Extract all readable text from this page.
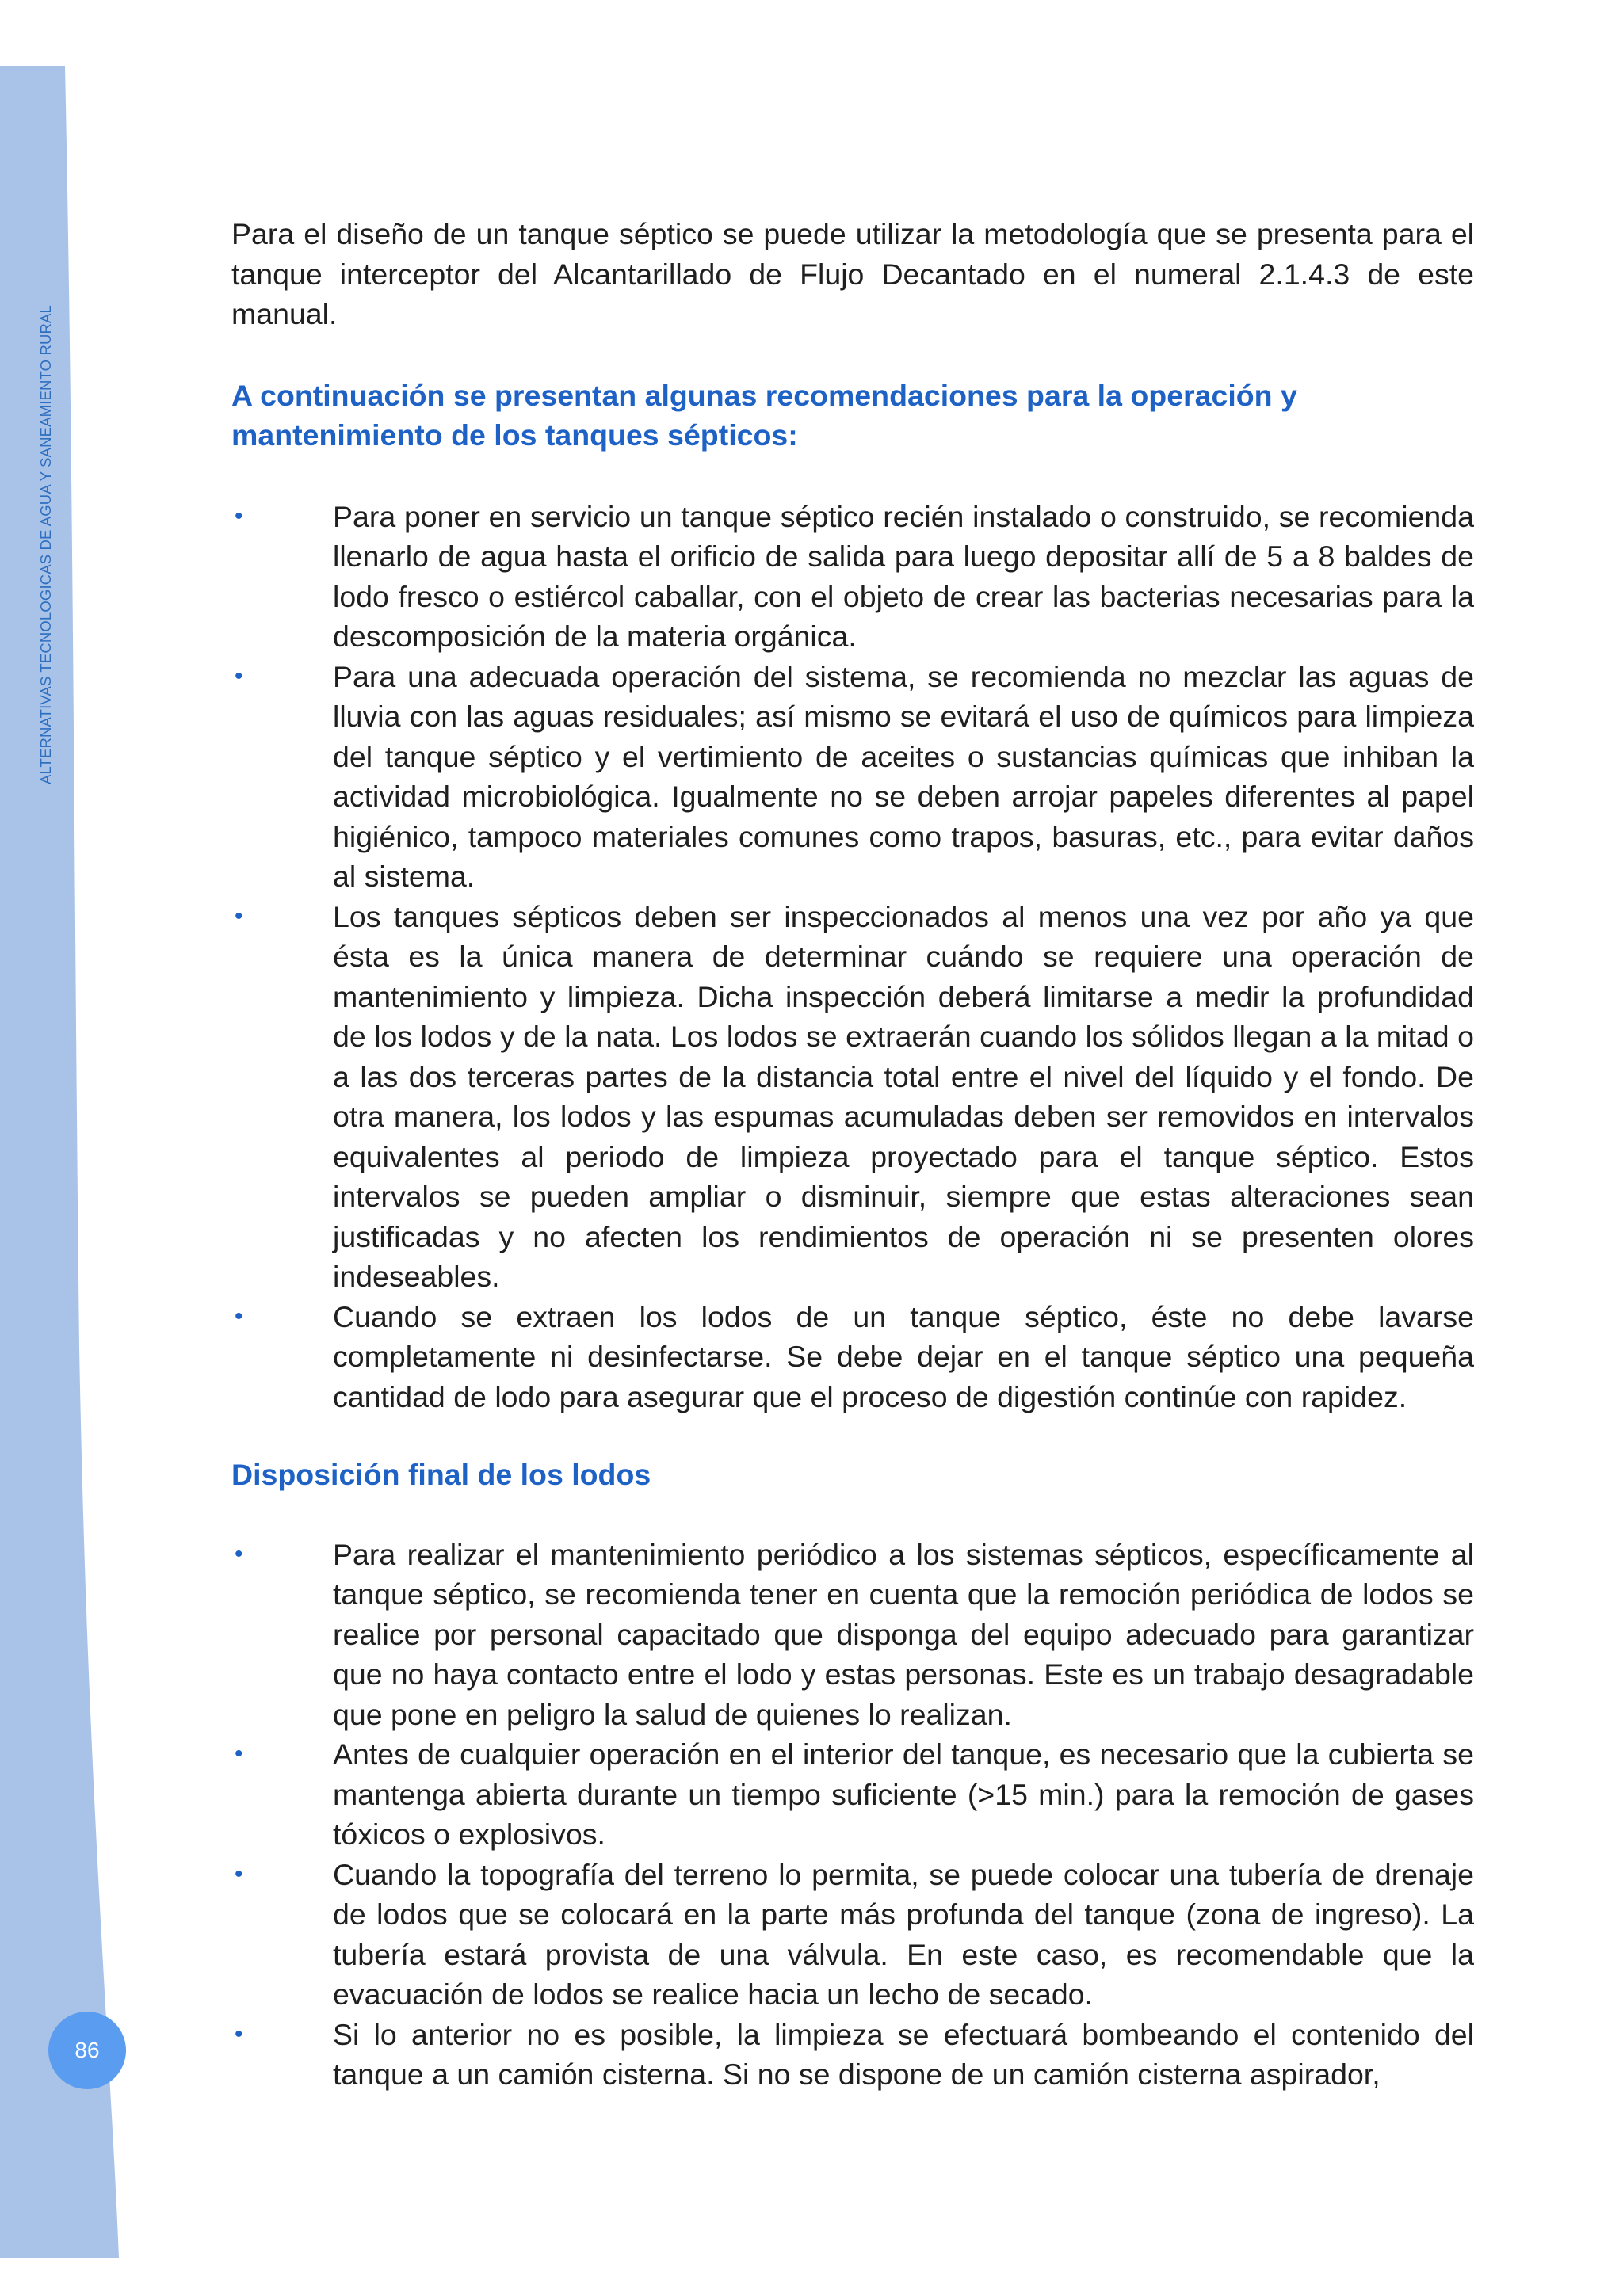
ALTERNATIVAS TECNOLOGICAS DE AGUA Y SANEAMIENTO RURAL
86

Para el diseño de un tanque séptico se puede utilizar la metodología que se presenta para el tanque interceptor del Alcantarillado de Flujo Decantado en el numeral 2.1.4.3 de este manual.

A continuación se presentan algunas recomendaciones para la operación y mantenimiento de los tanques sépticos:

•	Para poner en servicio un tanque séptico recién instalado o construido, se recomienda llenarlo de agua hasta el orificio de salida para luego depositar allí de 5 a 8 baldes de lodo fresco o estiércol caballar, con el objeto de crear las bacterias necesarias para la descomposición de la materia orgánica.
•	Para una adecuada operación del sistema, se recomienda no mezclar las aguas de lluvia con las aguas residuales; así mismo se evitará el uso de químicos para limpieza del tanque séptico y el vertimiento de aceites o sustancias químicas que inhiban la actividad microbiológica. Igualmente no se deben arrojar papeles diferentes al papel higiénico, tampoco materiales comunes como trapos, basuras, etc., para evitar daños al sistema.
•	Los tanques sépticos deben ser inspeccionados al menos una vez por año ya que ésta es la única manera de determinar cuándo se requiere una operación de mantenimiento y limpieza. Dicha inspección deberá limitarse a medir la profundidad de los lodos y de la nata. Los lodos se extraerán cuando los sólidos llegan a la mitad o a las dos terceras partes de la distancia total entre el nivel del líquido y el fondo. De otra manera, los lodos y las espumas acumuladas deben ser removidos en intervalos equivalentes al periodo de limpieza proyectado para el tanque séptico. Estos intervalos se pueden ampliar o disminuir, siempre que estas alteraciones sean justificadas y no afecten los rendimientos de operación ni se presenten olores indeseables.
•	Cuando se extraen los lodos de un tanque séptico, éste no debe lavarse completamente ni desinfectarse. Se debe dejar en el tanque séptico una pequeña cantidad de lodo para asegurar que el proceso de digestión continúe con rapidez.

Disposición final de los lodos

•	Para realizar el mantenimiento periódico a los sistemas sépticos, específicamente al tanque séptico, se recomienda tener en cuenta que la remoción periódica de lodos se realice por personal capacitado que disponga del equipo adecuado para garantizar que no haya contacto entre el lodo y estas personas. Este es un trabajo desagradable que pone en peligro la salud de quienes lo realizan.
•	Antes de cualquier operación en el interior del tanque, es necesario que la cubierta se mantenga abierta durante un tiempo suficiente (>15 min.) para la remoción de gases tóxicos o explosivos.
•	Cuando la topografía del terreno lo permita, se puede colocar una tubería de drenaje de lodos que se colocará en la parte más profunda del tanque (zona de ingreso). La tubería estará provista de una válvula. En este caso, es recomendable que la evacuación de lodos se realice hacia un lecho de secado.
•	Si lo anterior no es posible, la limpieza se efectuará bombeando el contenido del tanque a un camión cisterna. Si no se dispone de un camión cisterna aspirador,
